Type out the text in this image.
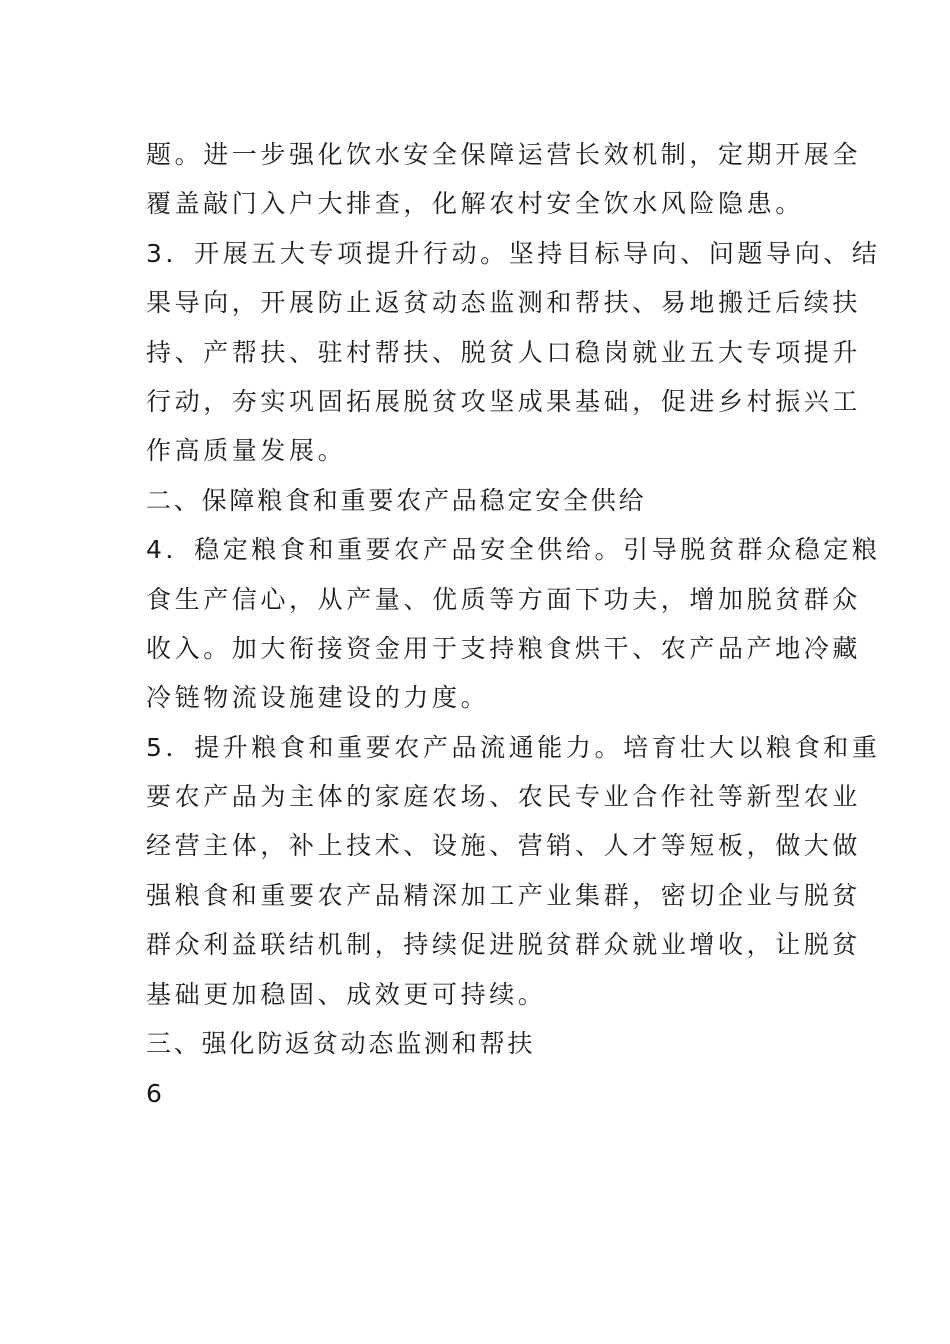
题。进一步强化饮水安全保障运营长效机制，定期开展全
覆盖敲门入户大排查，化解农村安全饮水风险隐患。
3．开展五大专项提升行动。坚持目标导向、问题导向、结
果导向，开展防止返贫动态监测和帮扶、易地搬迁后续扶
持、产帮扶、驻村帮扶、脱贫人口稳岗就业五大专项提升
行动，夯实巩固拓展脱贫攻坚成果基础，促进乡村振兴工
作高质量发展。
二、保障粮食和重要农产品稳定安全供给
4．稳定粮食和重要农产品安全供给。引导脱贫群众稳定粮
食生产信心，从产量、优质等方面下功夫，增加脱贫群众
收入。加大衔接资金用于支持粮食烘干、农产品产地冷藏
冷链物流设施建设的力度。
5．提升粮食和重要农产品流通能力。培育壮大以粮食和重
要农产品为主体的家庭农场、农民专业合作社等新型农业
经营主体，补上技术、设施、营销、人才等短板，做大做
强粮食和重要农产品精深加工产业集群，密切企业与脱贫
群众利益联结机制，持续促进脱贫群众就业增收，让脱贫
基础更加稳固、成效更可持续。
三、强化防返贫动态监测和帮扶
6
